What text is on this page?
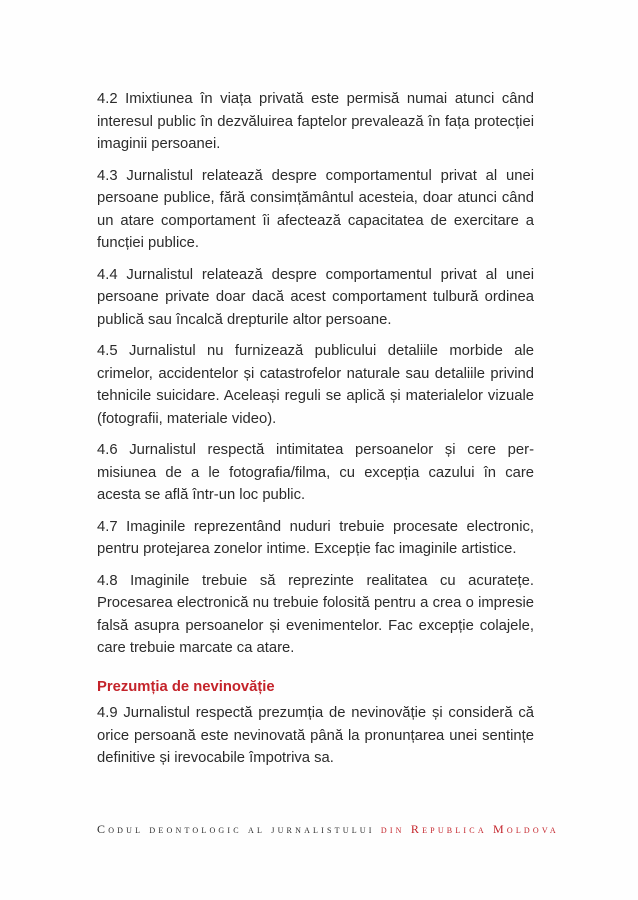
4.2 Imixtiunea în viața privată este permisă numai atunci când interesul public în dezvăluirea faptelor prevalează în fața protecției imaginii persoanei.

4.3 Jurnalistul relatează despre comportamentul privat al unei persoane publice, fără consimțământul acesteia, doar atunci când un atare comportament îi afectează capacitatea de exercitare a funcției publice.

4.4 Jurnalistul relatează despre comportamentul privat al unei persoane private doar dacă acest comportament tulbură ordinea publică sau încalcă drepturile altor persoane.

4.5 Jurnalistul nu furnizează publicului detaliile morbide ale crimelor, accidentelor și catastrofelor naturale sau detaliile privind tehnicile suicidare. Aceleași reguli se aplică și materialelor vizuale (fotografii, materiale video).

4.6 Jurnalistul respectă intimitatea persoanelor și cere permisiunea de a le fotografia/filma, cu excepția cazului în care acesta se află într-un loc public.

4.7 Imaginile reprezentând nuduri trebuie procesate electronic, pentru protejarea zonelor intime. Excepție fac imaginile artistice.

4.8 Imaginile trebuie să reprezinte realitatea cu acuratețe. Procesarea electronică nu trebuie folosită pentru a crea o impresie falsă asupra persoanelor și evenimentelor. Fac excepție colajele, care trebuie marcate ca atare.

Prezumția de nevinovăție

4.9 Jurnalistul respectă prezumția de nevinovăție și consideră că orice persoană este nevinovată până la pronunțarea unei sentințe definitive și irevocabile împotriva sa.

Codul deontologic al jurnalistului din Republica Moldova
